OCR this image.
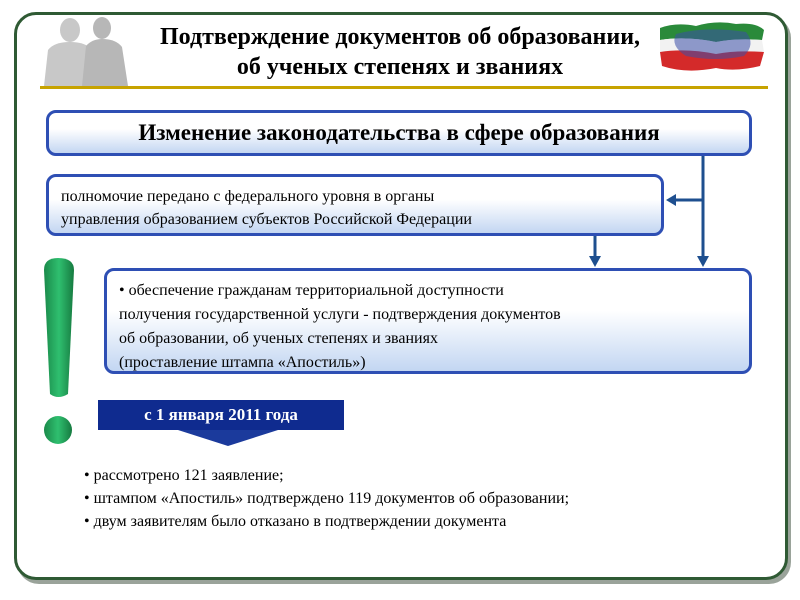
Подтверждение документов об образовании,
об ученых степенях и званиях
Изменение законодательства в сфере образования
полномочие передано с федерального уровня в органы
управления образованием субъектов Российской Федерации
• обеспечение гражданам территориальной доступности
получения государственной услуги - подтверждения документов
об образовании, об ученых степенях и званиях
(проставление штампа «Апостиль»)
с 1 января 2011 года
• рассмотрено 121 заявление;
• штампом «Апостиль» подтверждено 119 документов об образовании;
• двум заявителям было отказано в подтверждении документа
